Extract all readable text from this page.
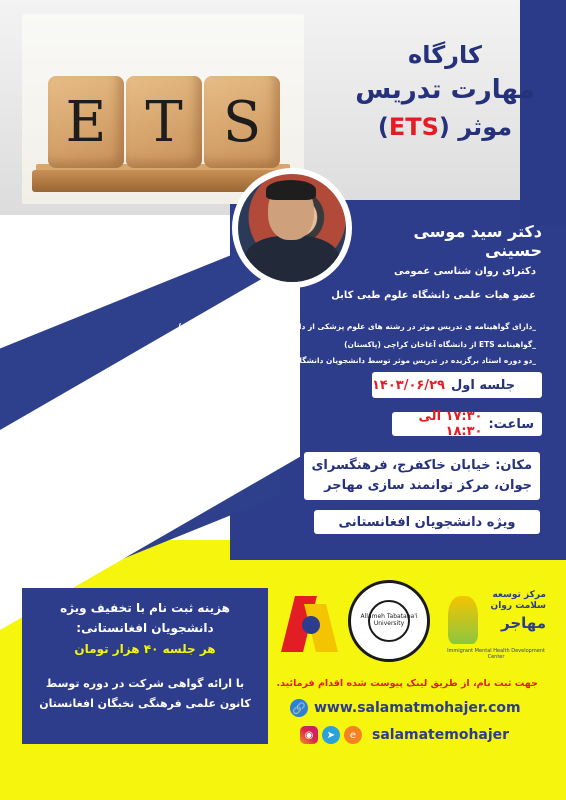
E T S
کارگاه
مهارت تدریس
موثر (ETS)
دکتر سید موسی حسینی
دکترای روان شناسی عمومی
عضو هیات علمی دانشگاه علوم طبی کابل
_دارای گواهینامه ی تدریس موثر در رشته های علوم پزشکی از دانشگاه علوم پزشکی توکیو (ژاپن)
_گواهینامه ETS از دانشگاه آغاخان کراچی (پاکستان)
_دو دوره استاد برگزیده در تدریس موثر توسط دانشجویان دانشگاه علوم پزشکی کابل
جلسه اول
۱۴۰۳/۰۶/۲۹
ساعت:
۱۷:۳۰ الی ۱۸:۳۰
مکان: خیابان خاکفرج، فرهنگسرای
جوان، مرکز توانمند سازی مهاجر
ویژه دانشجویان افغانستانی
هزینه ثبت نام با تخفیف ویژه
دانشجویان افغانستانی:
هر جلسه ۴۰ هزار تومان
با ارائه گواهی شرکت در دوره توسط
کانون علمی فرهنگی نخبگان افغانستان
Allameh Tabataba'i University
مرکز توسعه سلامت روان
مهاجر
Immigrant Mental Health Development Center
جهت ثبت نام، از طریق لینک پیوست شده اقدام فرمائید.
🔗 www.salamatmohajer.com
◉	➤	e	salamatemohajer
